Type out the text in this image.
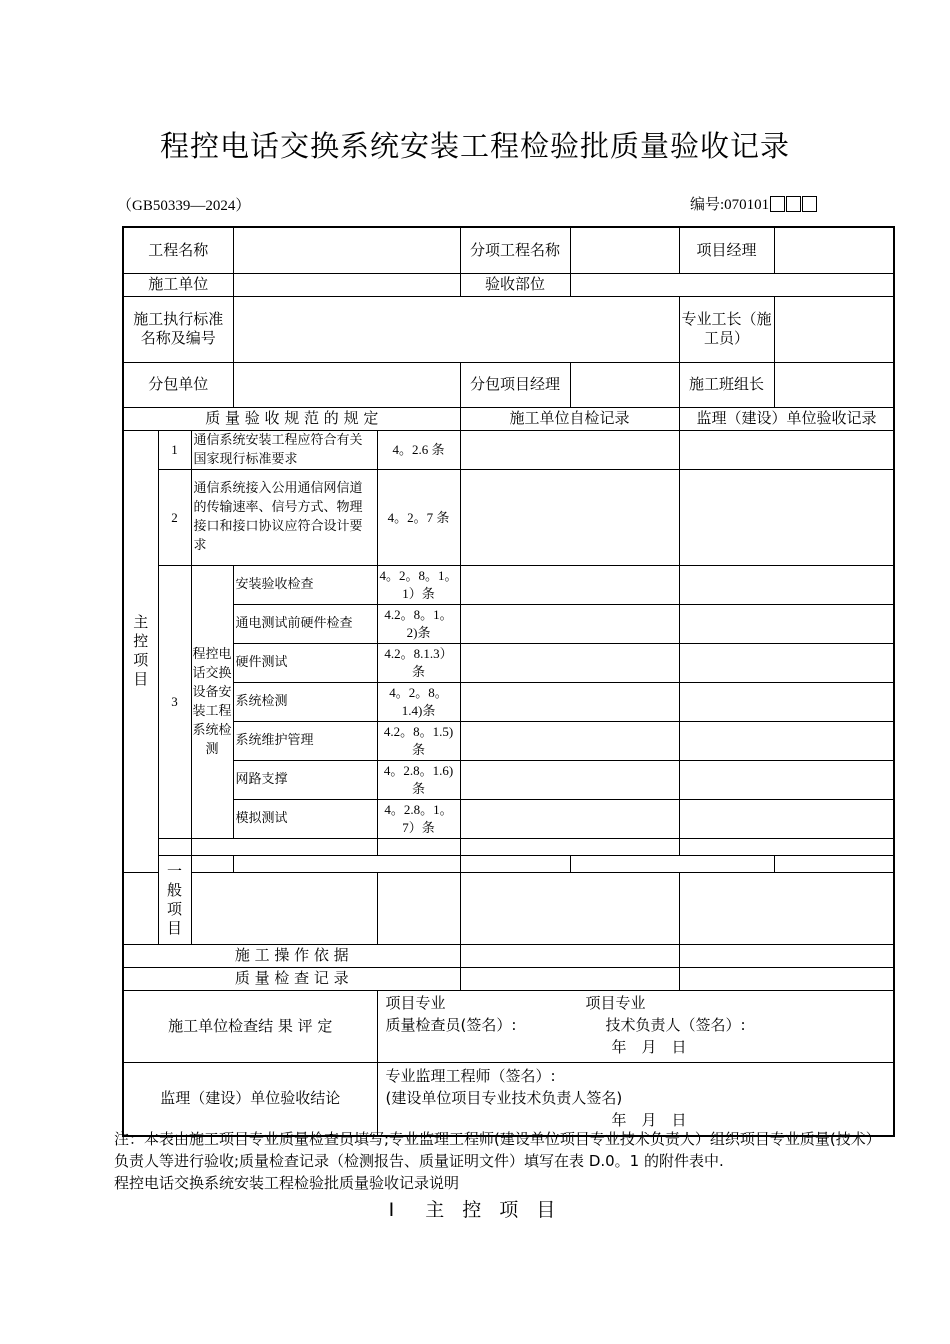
程控电话交换系统安装工程检验批质量验收记录
（GB50339—2024）	编号:070101
工程名称					分项工程名称		项目经理	
施工单位					验收部位			
施工执行标准名称及编号							专业工长（施工员）	
分包单位					分包项目经理		施工班组长	
质 量 验 收 规 范 的 规 定					施工单位自检记录		监理（建设）单位验收记录	

主控项目	1	通信系统安装工程应符合有关国家现行标准要求		4。2.6 条				
	2	通信系统接入公用通信网信道的传输速率、信号方式、物理接口和接口协议应符合设计要求		4。2。7 条				
	3	程控电话交换设备安装工程系统检测	安装验收检查	4。2。8。1。1）条				
			通电测试前硬件检查	4.2。8。1。2)条				
			硬件测试	4.2。8.1.3）条				
			系统检测	4。2。8。1.4)条				
			系统维护管理	4.2。8。1.5)条				
			网路支撑	4。2.8。1.6)条				
			模拟测试	4。2.8。1。7）条				

	一般项目							

施 工 操 作 依 据								
质 量 检 查 记 录								
施工单位检查结 果 评 定				项目专业 项目专业
质量检查员(签名）: 技术负责人（签名）:
年　月　日				

监理（建设）单位验收结论				专业监理工程师（签名）:
(建设单位项目专业技术负责人签名)
年　月　日				
注：本表由施工项目专业质量检查员填写;专业监理工程师(建设单位项目专业技术负责人）组织项目专业质量(技术）负责人等进行验收;质量检查记录（检测报告、质量证明文件）填写在表 D.0。1 的附件表中.
程控电话交换系统安装工程检验批质量验收记录说明
Ⅰ　主 控 项 目
